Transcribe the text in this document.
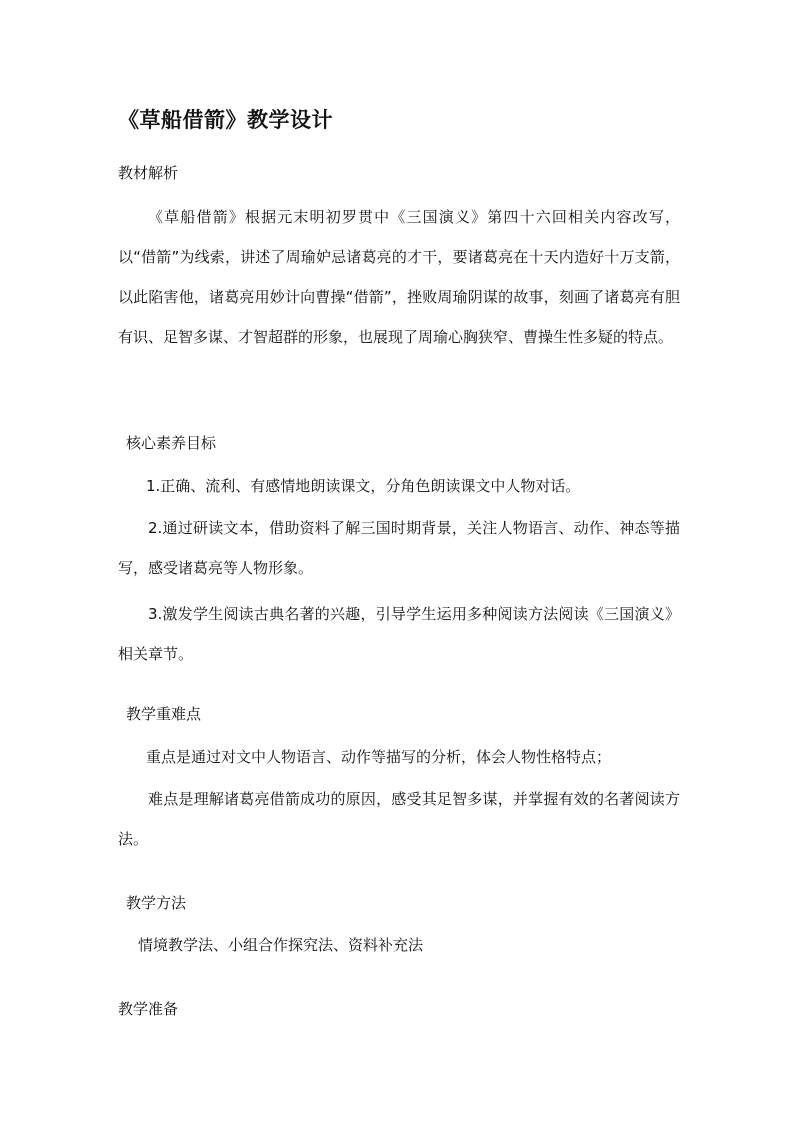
《草船借箭》教学设计
教材解析
《草船借箭》根据元末明初罗贯中《三国演义》第四十六回相关内容改写，以“借箭”为线索，讲述了周瑜妒忌诸葛亮的才干，要诸葛亮在十天内造好十万支箭，以此陷害他，诸葛亮用妙计向曹操“借箭”，挫败周瑜阴谋的故事，刻画了诸葛亮有胆有识、足智多谋、才智超群的形象，也展现了周瑜心胸狭窄、曹操生性多疑的特点。
核心素养目标
1.正确、流利、有感情地朗读课文，分角色朗读课文中人物对话。
2.通过研读文本，借助资料了解三国时期背景，关注人物语言、动作、神态等描写，感受诸葛亮等人物形象。
3.激发学生阅读古典名著的兴趣，引导学生运用多种阅读方法阅读《三国演义》相关章节。
教学重难点
重点是通过对文中人物语言、动作等描写的分析，体会人物性格特点；
难点是理解诸葛亮借箭成功的原因，感受其足智多谋，并掌握有效的名著阅读方法。
教学方法
情境教学法、小组合作探究法、资料补充法
教学准备
